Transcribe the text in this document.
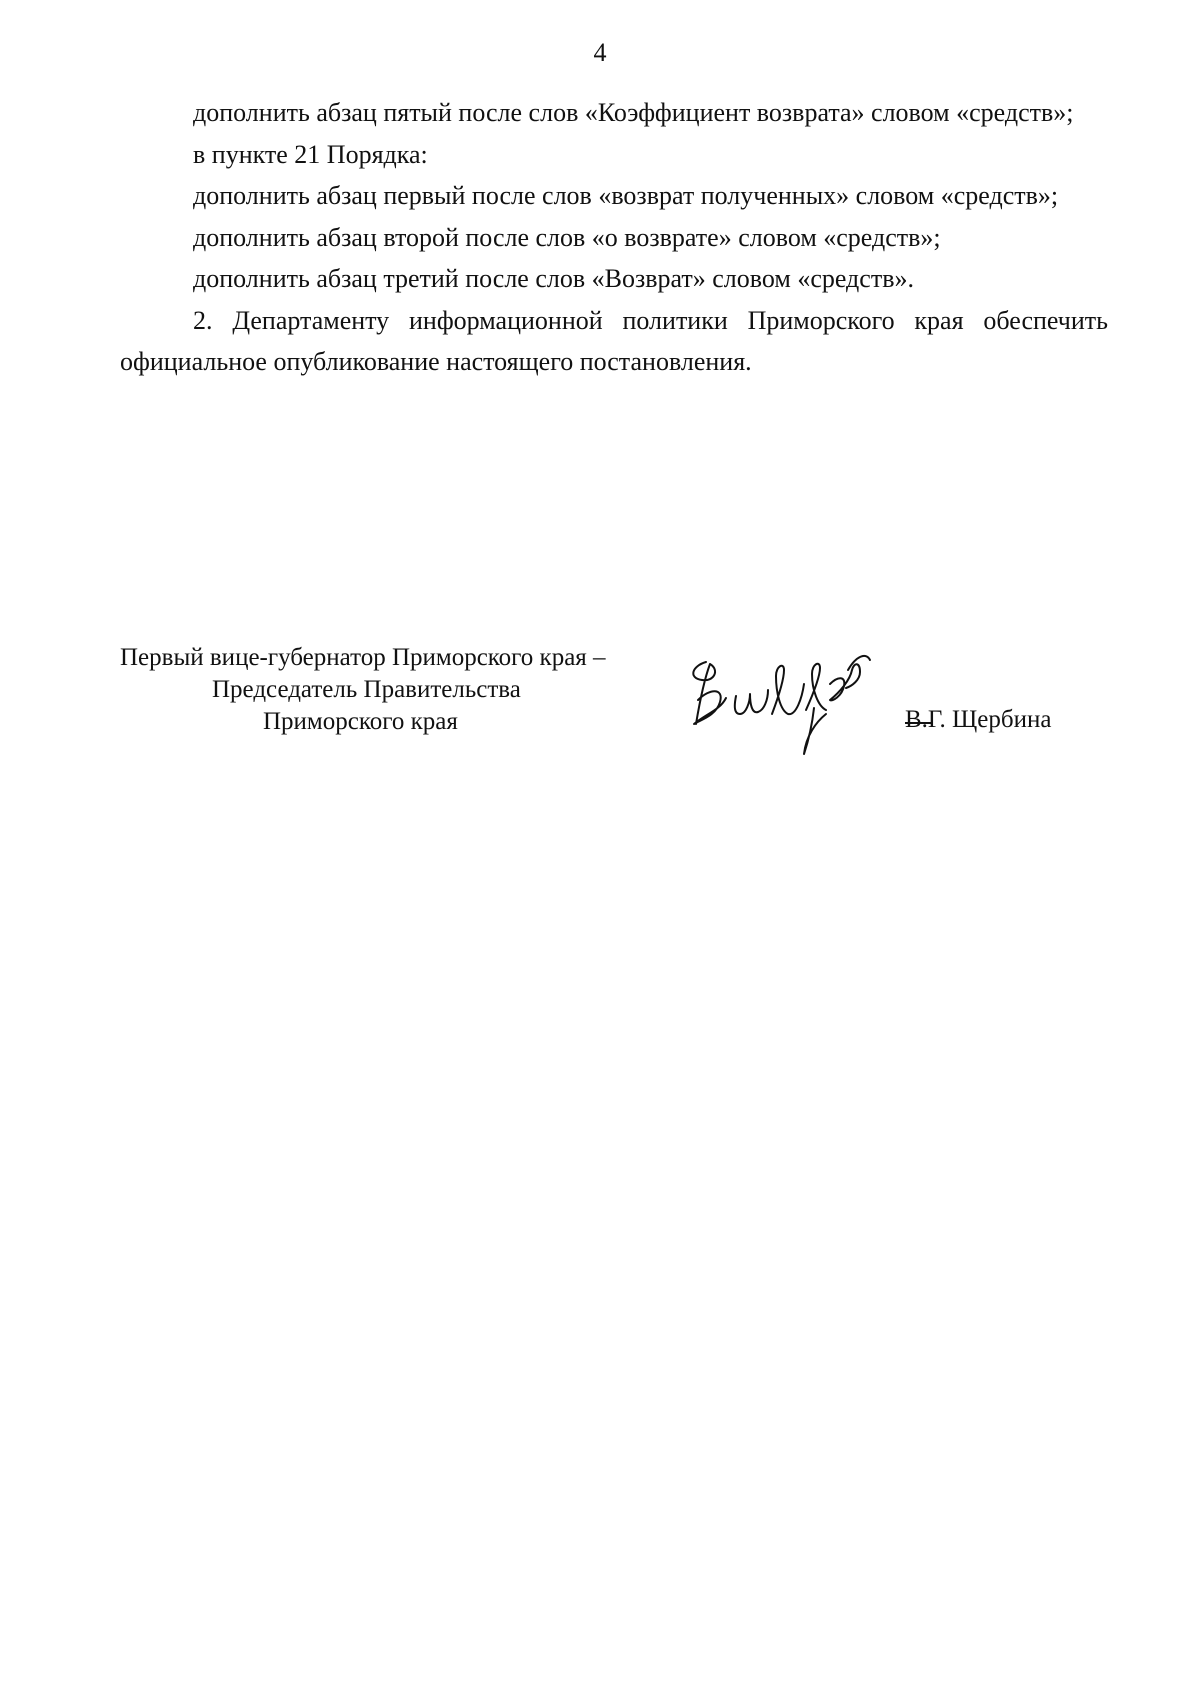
4

дополнить абзац пятый после слов «Коэффициент возврата» словом «средств»;

в пункте 21 Порядка:

дополнить абзац первый после слов «возврат полученных» словом «средств»;

дополнить абзац второй после слов «о возврате» словом «средств»;

дополнить абзац третий после слов «Возврат» словом «средств».

2. Департаменту информационной политики Приморского края обеспечить официальное опубликование настоящего постановления.

Первый вице-губернатор Приморского края –

Председатель Правительства

Приморского края	В.Г. Щербина
